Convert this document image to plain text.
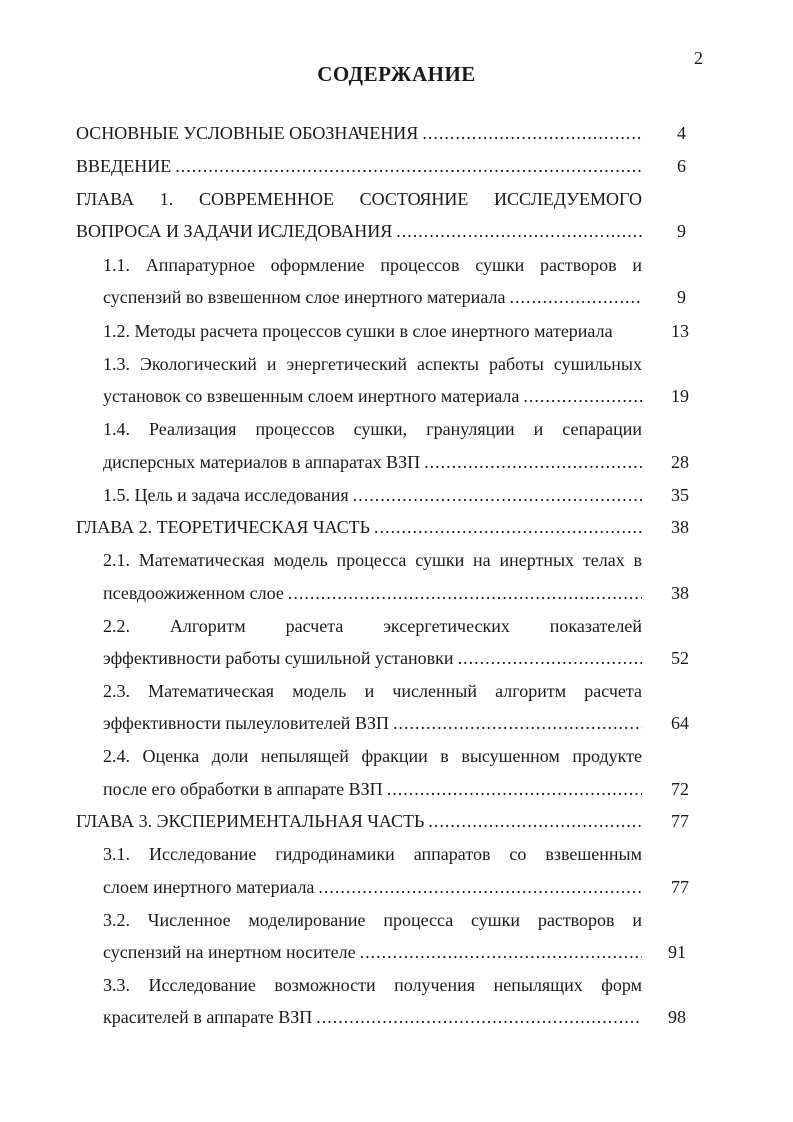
2
СОДЕРЖАНИЕ
ОСНОВНЫЕ УСЛОВНЫЕ ОБОЗНАЧЕНИЯ .....	4
ВВЕДЕНИЕ .....	6
ГЛАВА 1. СОВРЕМЕННОЕ СОСТОЯНИЕ ИССЛЕДУЕМОГО
ВОПРОСА И ЗАДАЧИ ИСЛЕДОВАНИЯ .....	9
1.1. Аппаратурное оформление процессов сушки растворов и
суспензий во взвешенном слое инертного материала .....	9
1.2. Методы расчета процессов сушки в слое инертного материала	13
1.3. Экологический и энергетический аспекты работы сушильных
установок со взвешенным слоем инертного материала .....	19
1.4. Реализация процессов сушки, грануляции и сепарации
дисперсных материалов в аппаратах ВЗП .....	28
1.5. Цель и задача исследования .....	35
ГЛАВА 2. ТЕОРЕТИЧЕСКАЯ ЧАСТЬ .....	38
2.1. Математическая модель процесса сушки на инертных телах в
псевдоожиженном слое .....	38
2.2. Алгоритм расчета эксергетических показателей
эффективности работы сушильной установки .....	52
2.3. Математическая модель и численный алгоритм расчета
эффективности пылеуловителей ВЗП .....	64
2.4. Оценка доли непылящей фракции в высушенном продукте
после его обработки в аппарате ВЗП .....	72
ГЛАВА 3. ЭКСПЕРИМЕНТАЛЬНАЯ ЧАСТЬ .....	77
3.1. Исследование гидродинамики аппаратов со взвешенным
слоем инертного материала .....	77
3.2. Численное моделирование процесса сушки растворов и
суспензий на инертном носителе .....	91
3.3. Исследование возможности получения непылящих форм
красителей в аппарате ВЗП .....	98
